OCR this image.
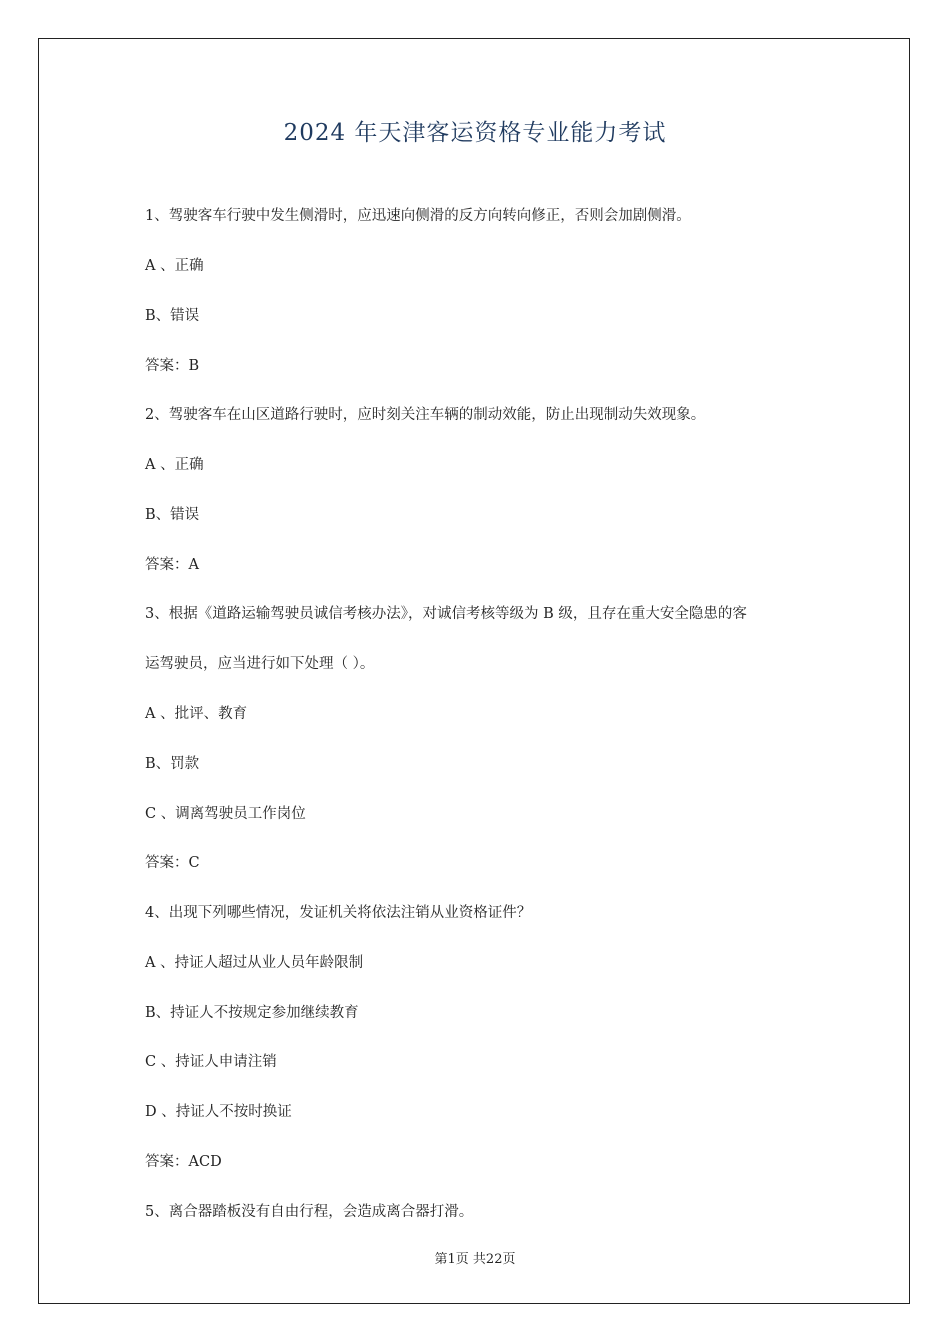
2024 年天津客运资格专业能力考试
1、驾驶客车行驶中发生侧滑时，应迅速向侧滑的反方向转向修正，否则会加剧侧滑。
A 、正确
B、错误
答案：B
2、驾驶客车在山区道路行驶时，应时刻关注车辆的制动效能，防止出现制动失效现象。
A 、正确
B、错误
答案：A
3、根据《道路运输驾驶员诚信考核办法》，对诚信考核等级为 B 级，且存在重大安全隐患的客
运驾驶员，应当进行如下处理（ ）。
A 、批评、教育
B、罚款
C 、调离驾驶员工作岗位
答案：C
4、出现下列哪些情况，发证机关将依法注销从业资格证件？
A 、持证人超过从业人员年龄限制
B、持证人不按规定参加继续教育
C 、持证人申请注销
D 、持证人不按时换证
答案：ACD
5、离合器踏板没有自由行程，会造成离合器打滑。
第1页 共22页
